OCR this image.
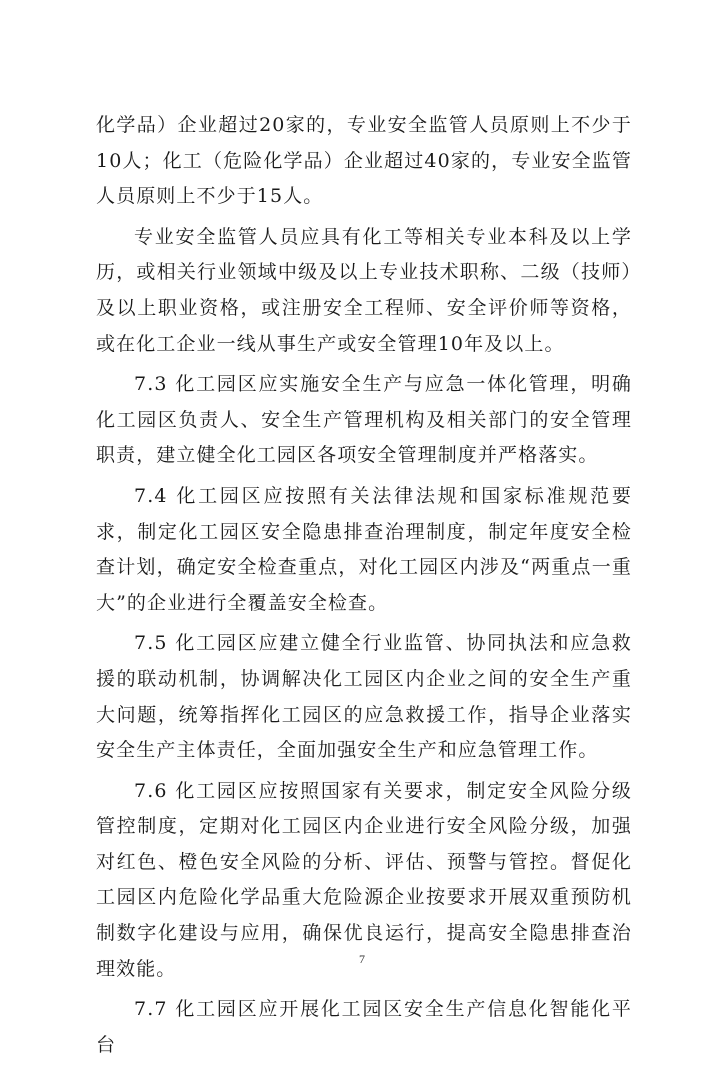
化学品）企业超过20家的，专业安全监管人员原则上不少于10人；化工（危险化学品）企业超过40家的，专业安全监管人员原则上不少于15人。

专业安全监管人员应具有化工等相关专业本科及以上学历，或相关行业领域中级及以上专业技术职称、二级（技师）及以上职业资格，或注册安全工程师、安全评价师等资格，或在化工企业一线从事生产或安全管理10年及以上。

7.3 化工园区应实施安全生产与应急一体化管理，明确化工园区负责人、安全生产管理机构及相关部门的安全管理职责，建立健全化工园区各项安全管理制度并严格落实。

7.4 化工园区应按照有关法律法规和国家标准规范要求，制定化工园区安全隐患排查治理制度，制定年度安全检查计划，确定安全检查重点，对化工园区内涉及“两重点一重大”的企业进行全覆盖安全检查。

7.5 化工园区应建立健全行业监管、协同执法和应急救援的联动机制，协调解决化工园区内企业之间的安全生产重大问题，统筹指挥化工园区的应急救援工作，指导企业落实安全生产主体责任，全面加强安全生产和应急管理工作。

7.6 化工园区应按照国家有关要求，制定安全风险分级管控制度，定期对化工园区内企业进行安全风险分级，加强对红色、橙色安全风险的分析、评估、预警与管控。督促化工园区内危险化学品重大危险源企业按要求开展双重预防机制数字化建设与应用，确保优良运行，提高安全隐患排查治理效能。

7.7 化工园区应开展化工园区安全生产信息化智能化平台

7
